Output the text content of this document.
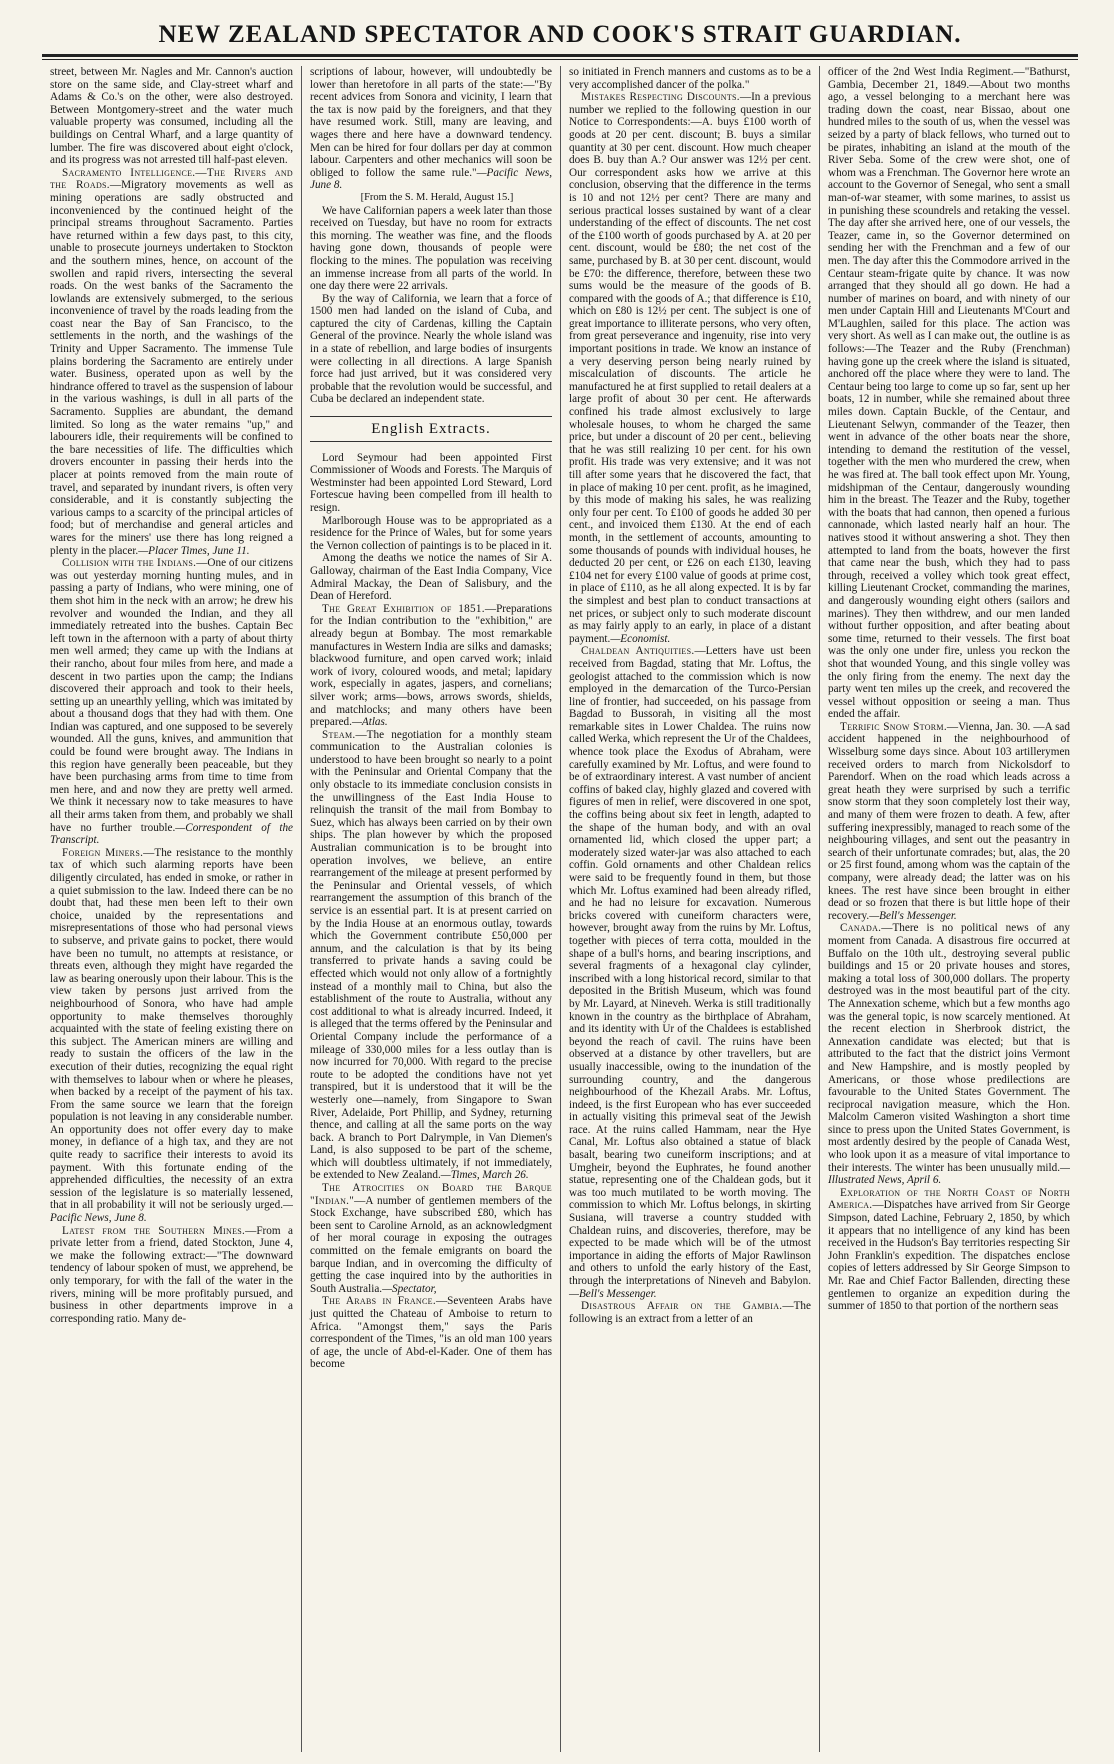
NEW ZEALAND SPECTATOR AND COOK'S STRAIT GUARDIAN.

street, between Mr. Nagles and Mr. Cannon's auction store on the same side, and Clay-street wharf and Adams & Co.'s on the other, were also destroyed. Between Montgomery-street and the water much valuable property was consumed, including all the buildings on Central Wharf, and a large quantity of lumber. The fire was discovered about eight o'clock, and its progress was not arrested till half-past eleven.

Sacramento Intelligence.—The Rivers and the Roads.—Migratory movements as well as mining operations are sadly obstructed and inconvenienced by the continued height of the principal streams throughout Sacramento. Parties have returned within a few days past, to this city, unable to prosecute journeys undertaken to Stockton and the southern mines, hence, on account of the swollen and rapid rivers, intersecting the several roads. On the west banks of the Sacramento the lowlands are extensively submerged, to the serious inconvenience of travel by the roads leading from the coast near the Bay of San Francisco, to the settlements in the north, and the washings of the Trinity and Upper Sacramento. The immense Tule plains bordering the Sacramento are entirely under water. Business, operated upon as well by the hindrance offered to travel as the suspension of labour in the various washings, is dull in all parts of the Sacramento. Supplies are abundant, the demand limited. So long as the water remains "up," and labourers idle, their requirements will be confined to the bare necessities of life. The difficulties which drovers encounter in passing their herds into the placer at points removed from the main route of travel, and separated by inundant rivers, is often very considerable, and it is constantly subjecting the various camps to a scarcity of the principal articles of food; but of merchandise and general articles and wares for the miners' use there has long reigned a plenty in the placer.—Placer Times, June 11.

Collision with the Indians.—One of our citizens was out yesterday morning hunting mules, and in passing a party of Indians, who were mining, one of them shot him in the neck with an arrow; he drew his revolver and wounded the Indian, and they all immediately retreated into the bushes. Captain Bec left town in the afternoon with a party of about thirty men well armed; they came up with the Indians at their rancho, about four miles from here, and made a descent in two parties upon the camp; the Indians discovered their approach and took to their heels, setting up an unearthly yelling, which was imitated by about a thousand dogs that they had with them. One Indian was captured, and one supposed to be severely wounded. All the guns, knives, and ammunition that could be found were brought away. The Indians in this region have generally been peaceable, but they have been purchasing arms from time to time from men here, and and now they are pretty well armed. We think it necessary now to take measures to have all their arms taken from them, and probably we shall have no further trouble.—Correspondent of the Transcript.

Foreign Miners.—The resistance to the monthly tax of which such alarming reports have been diligently circulated, has ended in smoke, or rather in a quiet submission to the law. Indeed there can be no doubt that, had these men been left to their own choice, unaided by the representations and misrepresentations of those who had personal views to subserve, and private gains to pocket, there would have been no tumult, no attempts at resistance, or threats even, although they might have regarded the law as bearing onerously upon their labour. This is the view taken by persons just arrived from the neighbourhood of Sonora, who have had ample opportunity to make themselves thoroughly acquainted with the state of feeling existing there on this subject. The American miners are willing and ready to sustain the officers of the law in the execution of their duties, recognizing the equal right with themselves to labour when or where he pleases, when backed by a receipt of the payment of his tax. From the same source we learn that the foreign population is not leaving in any considerable number. An opportunity does not offer every day to make money, in defiance of a high tax, and they are not quite ready to sacrifice their interests to avoid its payment. With this fortunate ending of the apprehended difficulties, the necessity of an extra session of the legislature is so materially lessened, that in all probability it will not be seriously urged.— Pacific News, June 8.

Latest from the Southern Mines.—From a private letter from a friend, dated Stockton, June 4, we make the following extract:—"The downward tendency of labour spoken of must, we apprehend, be only temporary, for with the fall of the water in the rivers, mining will be more profitably pursued, and business in other departments improve in a corresponding ratio. Many de-

scriptions of labour, however, will undoubtedly be lower than heretofore in all parts of the state:—"By recent advices from Sonora and vicinity, I learn that the tax is now paid by the foreigners, and that they have resumed work. Still, many are leaving, and wages there and here have a downward tendency. Men can be hired for four dollars per day at common labour. Carpenters and other mechanics will soon be obliged to follow the same rule."—Pacific News, June 8.

[From the S. M. Herald, August 15.]

We have Californian papers a week later than those received on Tuesday, but have no room for extracts this morning. The weather was fine, and the floods having gone down, thousands of people were flocking to the mines. The population was receiving an immense increase from all parts of the world. In one day there were 22 arrivals.

By the way of California, we learn that a force of 1500 men had landed on the island of Cuba, and captured the city of Cardenas, killing the Captain General of the province. Nearly the whole island was in a state of rebellion, and large bodies of insurgents were collecting in all directions. A large Spanish force had just arrived, but it was considered very probable that the revolution would be successful, and Cuba be declared an independent state.

English Extracts.

Lord Seymour had been appointed First Commissioner of Woods and Forests. The Marquis of Westminster had been appointed Lord Steward, Lord Fortescue having been compelled from ill health to resign.

Marlborough House was to be appropriated as a residence for the Prince of Wales, but for some years the Vernon collection of paintings is to be placed in it.

Among the deaths we notice the names of Sir A. Galloway, chairman of the East India Company, Vice Admiral Mackay, the Dean of Salisbury, and the Dean of Hereford.

The Great Exhibition of 1851.—Preparations for the Indian contribution to the "exhibition," are already begun at Bombay. The most remarkable manufactures in Western India are silks and damasks; blackwood furniture, and open carved work; inlaid work of ivory, coloured woods, and metal; lapidary work, especially in agates, jaspers, and cornelians; silver work; arms—bows, arrows swords, shields, and matchlocks; and many others have been prepared.—Atlas.

Steam.—The negotiation for a monthly steam communication to the Australian colonies is understood to have been brought so nearly to a point with the Peninsular and Oriental Company that the only obstacle to its immediate conclusion consists in the unwillingness of the East India House to relinquish the transit of the mail from Bombay to Suez, which has always been carried on by their own ships. The plan however by which the proposed Australian communication is to be brought into operation involves, we believe, an entire rearrangement of the mileage at present performed by the Peninsular and Oriental vessels, of which rearrangement the assumption of this branch of the service is an essential part. It is at present carried on by the India House at an enormous outlay, towards which the Government contribute £50,000 per annum, and the calculation is that by its being transferred to private hands a saving could be effected which would not only allow of a fortnightly instead of a monthly mail to China, but also the establishment of the route to Australia, without any cost additional to what is already incurred. Indeed, it is alleged that the terms offered by the Peninsular and Oriental Company include the performance of a mileage of 330,000 miles for a less outlay than is now incurred for 70,000. With regard to the precise route to be adopted the conditions have not yet transpired, but it is understood that it will be the westerly one—namely, from Singapore to Swan River, Adelaide, Port Phillip, and Sydney, returning thence, and calling at all the same ports on the way back. A branch to Port Dalrymple, in Van Diemen's Land, is also supposed to be part of the scheme, which will doubtless ultimately, if not immediately, be extended to New Zealand.—Times, March 26.

The Atrocities on Board the Barque "Indian."—A number of gentlemen members of the Stock Exchange, have subscribed £80, which has been sent to Caroline Arnold, as an acknowledgment of her moral courage in exposing the outrages committed on the female emigrants on board the barque Indian, and in overcoming the difficulty of getting the case inquired into by the authorities in South Australia.—Spectator,

The Arabs in France.—Seventeen Arabs have just quitted the Chateau of Amboise to return to Africa. "Amongst them," says the Paris correspondent of the Times, "is an old man 100 years of age, the uncle of Abd-el-Kader. One of them has become

so initiated in French manners and customs as to be a very accomplished dancer of the polka."

Mistakes Respecting Discounts.—In a previous number we replied to the following question in our Notice to Correspondents:—A. buys £100 worth of goods at 20 per cent. discount; B. buys a similar quantity at 30 per cent. discount. How much cheaper does B. buy than A.? Our answer was 12½ per cent. Our correspondent asks how we arrive at this conclusion, observing that the difference in the terms is 10 and not 12½ per cent? There are many and serious practical losses sustained by want of a clear understanding of the effect of discounts. The net cost of the £100 worth of goods purchased by A. at 20 per cent. discount, would be £80; the net cost of the same, purchased by B. at 30 per cent. discount, would be £70: the difference, therefore, between these two sums would be the measure of the goods of B. compared with the goods of A.; that difference is £10, which on £80 is 12½ per cent. The subject is one of great importance to illiterate persons, who very often, from great perseverance and ingenuity, rise into very important positions in trade. We know an instance of a very deserving person being nearly ruined by miscalculation of discounts. The article he manufactured he at first supplied to retail dealers at a large profit of about 30 per cent. He afterwards confined his trade almost exclusively to large wholesale houses, to whom he charged the same price, but under a discount of 20 per cent., believing that he was still realizing 10 per cent. for his own profit. His trade was very extensive; and it was not till after some years that he discovered the fact, that in place of making 10 per cent. profit, as he imagined, by this mode of making his sales, he was realizing only four per cent. To £100 of goods he added 30 per cent., and invoiced them £130. At the end of each month, in the settlement of accounts, amounting to some thousands of pounds with individual houses, he deducted 20 per cent, or £26 on each £130, leaving £104 net for every £100 value of goods at prime cost, in place of £110, as he all along expected. It is by far the simplest and best plan to conduct transactions at net prices, or subject only to such moderate discount as may fairly apply to an early, in place of a distant payment.—Economist.

Chaldean Antiquities.—Letters have ust been received from Bagdad, stating that Mr. Loftus, the geologist attached to the commission which is now employed in the demarcation of the Turco-Persian line of frontier, had succeeded, on his passage from Bagdad to Bussorah, in visiting all the most remarkable sites in Lower Chaldea. The ruins now called Werka, which represent the Ur of the Chaldees, whence took place the Exodus of Abraham, were carefully examined by Mr. Loftus, and were found to be of extraordinary interest. A vast number of ancient coffins of baked clay, highly glazed and covered with figures of men in relief, were discovered in one spot, the coffins being about six feet in length, adapted to the shape of the human body, and with an oval ornamented lid, which closed the upper part; a moderately sized water-jar was also attached to each coffin. Gold ornaments and other Chaldean relics were said to be frequently found in them, but those which Mr. Loftus examined had been already rifled, and he had no leisure for excavation. Numerous bricks covered with cuneiform characters were, however, brought away from the ruins by Mr. Loftus, together with pieces of terra cotta, moulded in the shape of a bull's horns, and bearing inscriptions, and several fragments of a hexagonal clay cylinder, inscribed with a long historical record, similar to that deposited in the British Museum, which was found by Mr. Layard, at Nineveh. Werka is still traditionally known in the country as the birthplace of Abraham, and its identity with Ur of the Chaldees is established beyond the reach of cavil. The ruins have been observed at a distance by other travellers, but are usually inaccessible, owing to the inundation of the surrounding country, and the dangerous neighbourhood of the Khezail Arabs. Mr. Loftus, indeed, is the first European who has ever succeeded in actually visiting this primeval seat of the Jewish race. At the ruins called Hammam, near the Hye Canal, Mr. Loftus also obtained a statue of black basalt, bearing two cuneiform inscriptions; and at Umgheir, beyond the Euphrates, he found another statue, representing one of the Chaldean gods, but it was too much mutilated to be worth moving. The commission to which Mr. Loftus belongs, in skirting Susiana, will traverse a country studded with Chaldean ruins, and discoveries, therefore, may be expected to be made which will be of the utmost importance in aiding the efforts of Major Rawlinson and others to unfold the early history of the East, through the interpretations of Nineveh and Babylon.—Bell's Messenger.

Disastrous Affair on the Gambia.—The following is an extract from a letter of an

officer of the 2nd West India Regiment.—"Bathurst, Gambia, December 21, 1849.—About two months ago, a vessel belonging to a merchant here was trading down the coast, near Bissao, about one hundred miles to the south of us, when the vessel was seized by a party of black fellows, who turned out to be pirates, inhabiting an island at the mouth of the River Seba. Some of the crew were shot, one of whom was a Frenchman. The Governor here wrote an account to the Governor of Senegal, who sent a small man-of-war steamer, with some marines, to assist us in punishing these scoundrels and retaking the vessel. The day after she arrived here, one of our vessels, the Teazer, came in, so the Governor determined on sending her with the Frenchman and a few of our men. The day after this the Commodore arrived in the Centaur steam-frigate quite by chance. It was now arranged that they should all go down. He had a number of marines on board, and with ninety of our men under Captain Hill and Lieutenants M'Court and M'Laughlen, sailed for this place. The action was very short. As well as I can make out, the outline is as follows:—The Teazer and the Ruby (Frenchman) having gone up the creek where the island is situated, anchored off the place where they were to land. The Centaur being too large to come up so far, sent up her boats, 12 in number, while she remained about three miles down. Captain Buckle, of the Centaur, and Lieutenant Selwyn, commander of the Teazer, then went in advance of the other boats near the shore, intending to demand the restitution of the vessel, together with the men who murdered the crew, when he was fired at. The ball took effect upon Mr. Young, midshipman of the Centaur, dangerously wounding him in the breast. The Teazer and the Ruby, together with the boats that had cannon, then opened a furious cannonade, which lasted nearly half an hour. The natives stood it without answering a shot. They then attempted to land from the boats, however the first that came near the bush, which they had to pass through, received a volley which took great effect, killing Lieutenant Crocket, commanding the marines, and dangerously wounding eight others (sailors and marines). They then withdrew, and our men landed without further opposition, and after beating about some time, returned to their vessels. The first boat was the only one under fire, unless you reckon the shot that wounded Young, and this single volley was the only firing from the enemy. The next day the party went ten miles up the creek, and recovered the vessel without opposition or seeing a man. Thus ended the affair.

Terrific Snow Storm.—Vienna, Jan. 30. —A sad accident happened in the neighbourhood of Wisselburg some days since. About 103 artillerymen received orders to march from Nickolsdorf to Parendorf. When on the road which leads across a great heath they were surprised by such a terrific snow storm that they soon completely lost their way, and many of them were frozen to death. A few, after suffering inexpressibly, managed to reach some of the neighbouring villages, and sent out the peasantry in search of their unfortunate comrades; but, alas, the 20 or 25 first found, among whom was the captain of the company, were already dead; the latter was on his knees. The rest have since been brought in either dead or so frozen that there is but little hope of their recovery.—Bell's Messenger.

Canada.—There is no political news of any moment from Canada. A disastrous fire occurred at Buffalo on the 10th ult., destroying several public buildings and 15 or 20 private houses and stores, making a total loss of 300,000 dollars. The property destroyed was in the most beautiful part of the city. The Annexation scheme, which but a few months ago was the general topic, is now scarcely mentioned. At the recent election in Sherbrook district, the Annexation candidate was elected; but that is attributed to the fact that the district joins Vermont and New Hampshire, and is mostly peopled by Americans, or those whose predilections are favourable to the United States Government. The reciprocal navigation measure, which the Hon. Malcolm Cameron visited Washington a short time since to press upon the United States Government, is most ardently desired by the people of Canada West, who look upon it as a measure of vital importance to their interests. The winter has been unusually mild.—Illustrated News, April 6.

Exploration of the North Coast of North America.—Dispatches have arrived from Sir George Simpson, dated Lachine, February 2, 1850, by which it appears that no intelligence of any kind has been received in the Hudson's Bay territories respecting Sir John Franklin's expedition. The dispatches enclose copies of letters addressed by Sir George Simpson to Mr. Rae and Chief Factor Ballenden, directing these gentlemen to organize an expedition during the summer of 1850 to that portion of the northern seas
